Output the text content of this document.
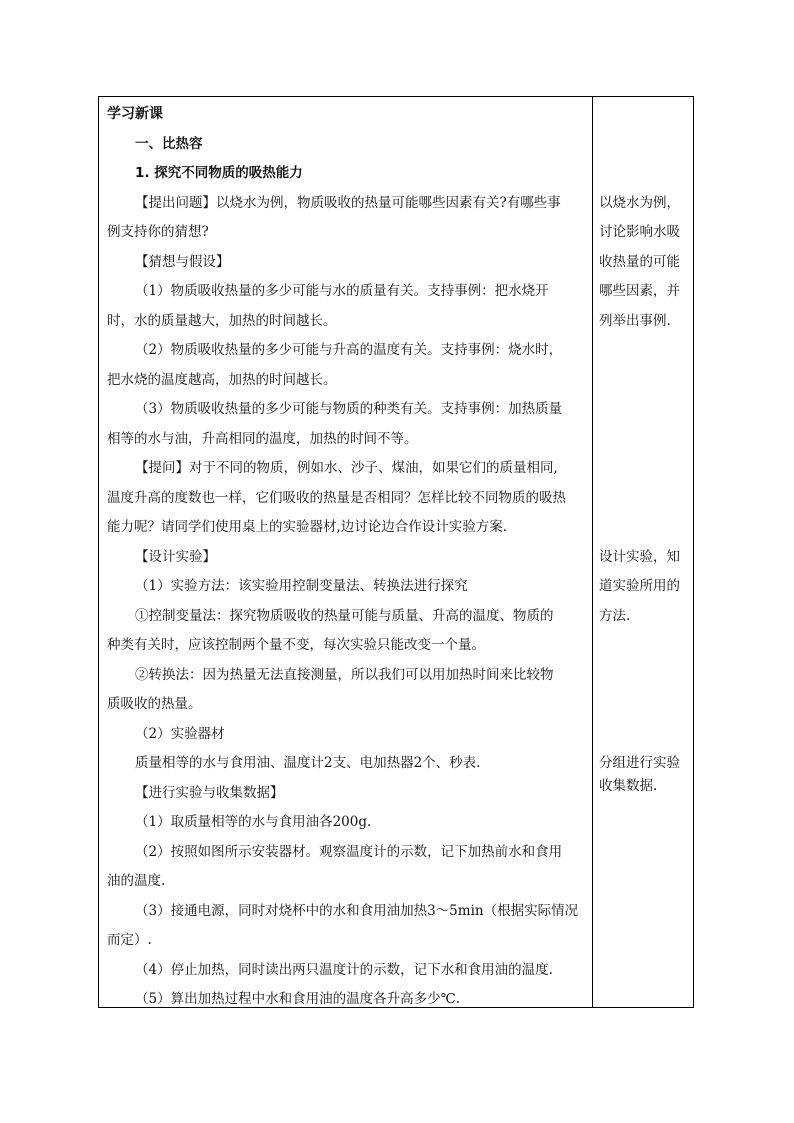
学习新课
一、比热容
1. 探究不同物质的吸热能力
【提出问题】以烧水为例，物质吸收的热量可能哪些因素有关?有哪些事
例支持你的猜想?
【猜想与假设】
（1）物质吸收热量的多少可能与水的质量有关。支持事例：把水烧开
时，水的质量越大，加热的时间越长。
（2）物质吸收热量的多少可能与升高的温度有关。支持事例：烧水时，
把水烧的温度越高，加热的时间越长。
（3）物质吸收热量的多少可能与物质的种类有关。支持事例：加热质量
相等的水与油，升高相同的温度，加热的时间不等。
【提问】对于不同的物质，例如水、沙子、煤油，如果它们的质量相同,
温度升高的度数也一样，它们吸收的热量是否相同？怎样比较不同物质的吸热
能力呢？请同学们使用桌上的实验器材,边讨论边合作设计实验方案.
【设计实验】
（1）实验方法：该实验用控制变量法、转换法进行探究
①控制变量法：探究物质吸收的热量可能与质量、升高的温度、物质的
种类有关时，应该控制两个量不变，每次实验只能改变一个量。
②转换法：因为热量无法直接测量，所以我们可以用加热时间来比较物
质吸收的热量。
（2）实验器材
质量相等的水与食用油、温度计2支、电加热器2个、秒表.
【进行实验与收集数据】
（1）取质量相等的水与食用油各200g.
（2）按照如图所示安装器材。观察温度计的示数，记下加热前水和食用
油的温度.
（3）接通电源，同时对烧杯中的水和食用油加热3～5min（根据实际情况
而定）.
（4）停止加热，同时读出两只温度计的示数，记下水和食用油的温度.
（5）算出加热过程中水和食用油的温度各升高多少℃.
以烧水为例，
讨论影响水吸
收热量的可能
哪些因素，并
列举出事例.
设计实验，知
道实验所用的
方法.
分组进行实验
收集数据.
